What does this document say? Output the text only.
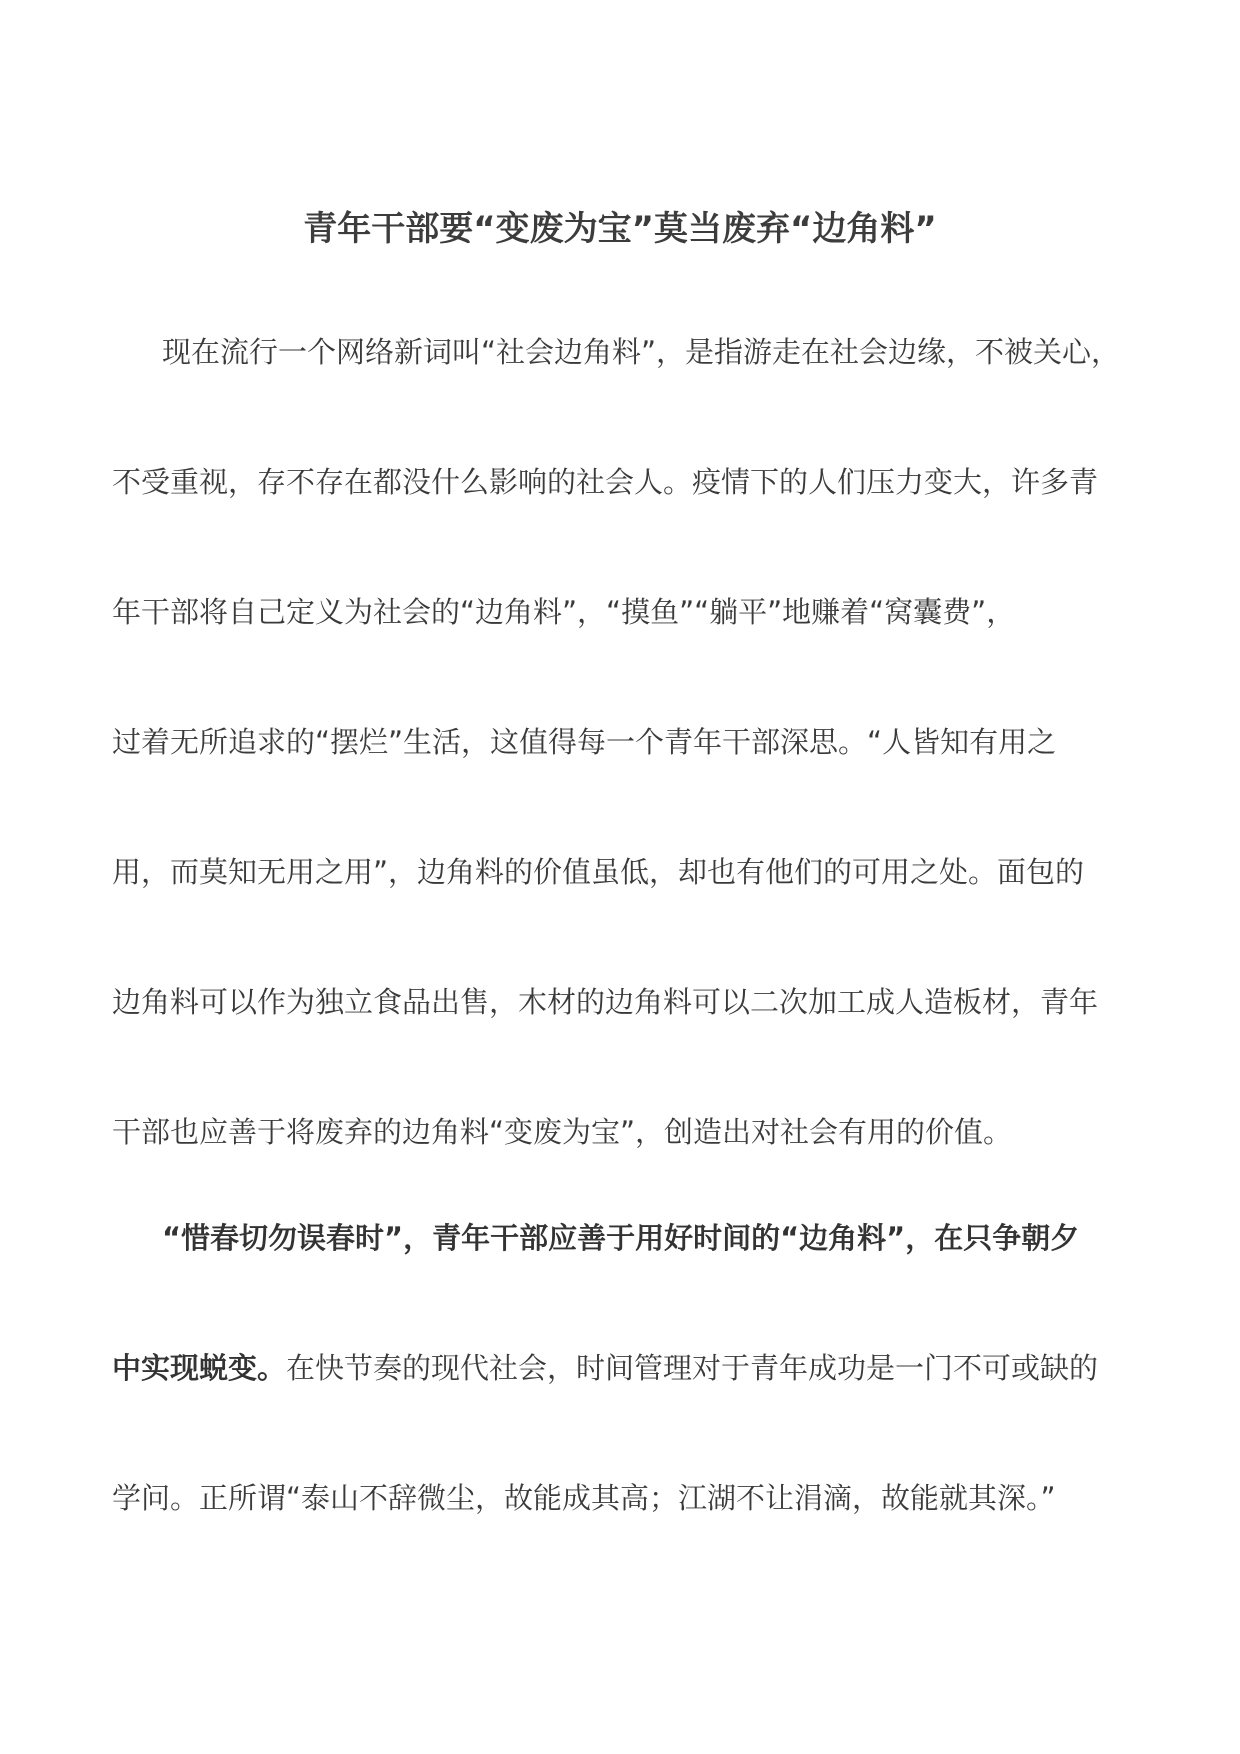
青年干部要“变废为宝”莫当废弃“边角料”
现在流行一个网络新词叫“社会边角料”，是指游走在社会边缘，不被关心，
不受重视，存不存在都没什么影响的社会人。疫情下的人们压力变大，许多青
年干部将自己定义为社会的“边角料”，“摸鱼”“躺平”地赚着“窝囊费”，
过着无所追求的“摆烂”生活，这值得每一个青年干部深思。“人皆知有用之
用，而莫知无用之用”，边角料的价值虽低，却也有他们的可用之处。面包的
边角料可以作为独立食品出售，木材的边角料可以二次加工成人造板材，青年
干部也应善于将废弃的边角料“变废为宝”，创造出对社会有用的价值。
“惜春切勿误春时”，青年干部应善于用好时间的“边角料”，在只争朝夕
中实现蜕变。在快节奏的现代社会，时间管理对于青年成功是一门不可或缺的
学问。正所谓“泰山不辞微尘，故能成其高；江湖不让涓滴，故能就其深。”
